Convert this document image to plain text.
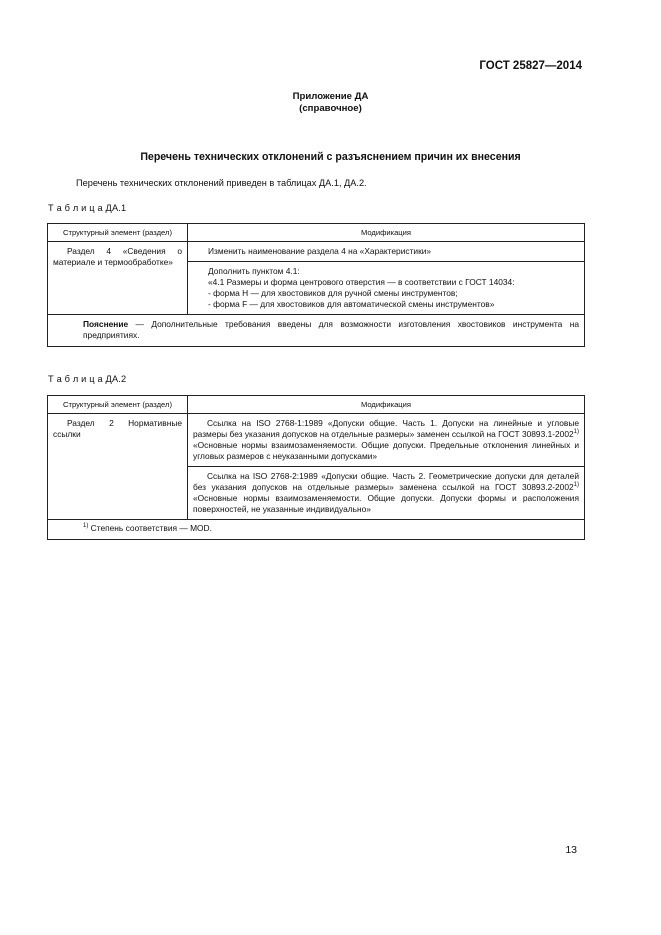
ГОСТ 25827—2014
Приложение ДА
(справочное)
Перечень технических отклонений с разъяснением причин их внесения
Перечень технических отклонений приведен в таблицах ДА.1, ДА.2.
Т а б л и ц а ДА.1
Структурный элемент (раздел)	Модификация
Раздел 4 «Сведения о материале и термообработке»	Изменить наименование раздела 4 на «Характеристики»
	Дополнить пунктом 4.1:
«4.1 Размеры и форма центрового отверстия — в соответствии с ГОСТ 14034:
- форма Н — для хвостовиков для ручной смены инструментов;
- форма F — для хвостовиков для автоматической смены инструментов»
Пояснение — Дополнительные требования введены для возможности изготовления хвостовиков инструмента на предприятиях.	
Т а б л и ц а ДА.2
Структурный элемент (раздел)	Модификация
Раздел 2 Нормативные ссылки	Ссылка на ISO 2768-1:1989 «Допуски общие. Часть 1. Допуски на линейные и угловые размеры без указания допусков на отдельные размеры» заменен ссылкой на ГОСТ 30893.1-2002$^{1)}$ «Основные нормы взаимозаменяемости. Общие допуски. Предельные отклонения линейных и угловых размеров с неуказанными допусками»
	Ссылка на ISO 2768-2:1989 «Допуски общие. Часть 2. Геометрические допуски для деталей без указания допусков на отдельные размеры» заменена ссылкой на ГОСТ 30893.2-2002$^{1)}$ «Основные нормы взаимозаменяемости. Общие допуски. Допуски формы и расположения поверхностей, не указанные индивидуально»
$^{1)}$ Степень соответствия — MOD.	
13
